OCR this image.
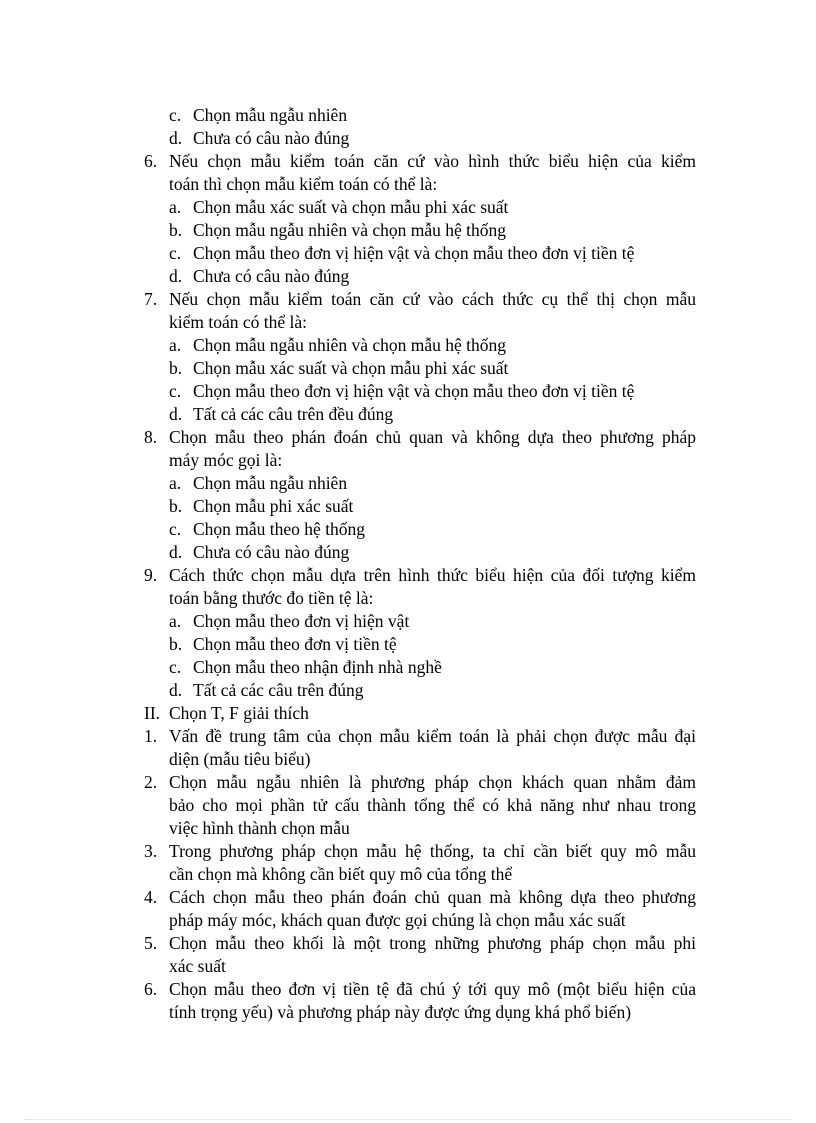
c. Chọn mẫu ngẫu nhiên
d. Chưa có câu nào đúng
6. Nếu chọn mẫu kiểm toán căn cứ vào hình thức biểu hiện của kiểm
toán thì chọn mẫu kiểm toán có thể là:
a. Chọn mẫu xác suất và chọn mẫu phi xác suất
b. Chọn mẫu ngẫu nhiên và chọn mẫu hệ thống
c. Chọn mẫu theo đơn vị hiện vật và chọn mẫu theo đơn vị tiền tệ
d. Chưa có câu nào đúng
7. Nếu chọn mẫu kiểm toán căn cứ vào cách thức cụ thể thị chọn mẫu
kiểm toán có thể là:
a. Chọn mẫu ngẫu nhiên và chọn mẫu hệ thống
b. Chọn mẫu xác suất và chọn mẫu phi xác suất
c. Chọn mẫu theo đơn vị hiện vật và chọn mẫu theo đơn vị tiền tệ
d. Tất cả các câu trên đều đúng
8. Chọn mẫu theo phán đoán chủ quan và không dựa theo phương pháp
máy móc gọi là:
a. Chọn mẫu ngẫu nhiên
b. Chọn mẫu phi xác suất
c. Chọn mẫu theo hệ thống
d. Chưa có câu nào đúng
9. Cách thức chọn mẫu dựa trên hình thức biểu hiện của đối tượng kiểm
toán bằng thước đo tiền tệ là:
a. Chọn mẫu theo đơn vị hiện vật
b. Chọn mẫu theo đơn vị tiền tệ
c. Chọn mẫu theo nhận định nhà nghề
d. Tất cả các câu trên đúng
II. Chọn T, F giải thích
1. Vấn đề trung tâm của chọn mẫu kiểm toán là phải chọn được mẫu đại
diện (mẫu tiêu biểu)
2. Chọn mẫu ngẫu nhiên là phương pháp chọn khách quan nhằm đảm
bảo cho mọi phần tử cấu thành tổng thể có khả năng như nhau trong
việc hình thành chọn mẫu
3. Trong phương pháp chọn mẫu hệ thống, ta chỉ cần biết quy mô mẫu
cần chọn mà không cần biết quy mô của tổng thể
4. Cách chọn mẫu theo phán đoán chủ quan mà không dựa theo phương
pháp máy móc, khách quan được gọi chúng là chọn mẫu xác suất
5. Chọn mẫu theo khối là một trong những phương pháp chọn mẫu phi
xác suất
6. Chọn mẫu theo đơn vị tiền tệ đã chú ý tới quy mô (một biểu hiện của
tính trọng yếu) và phương pháp này được ứng dụng khá phổ biến)
